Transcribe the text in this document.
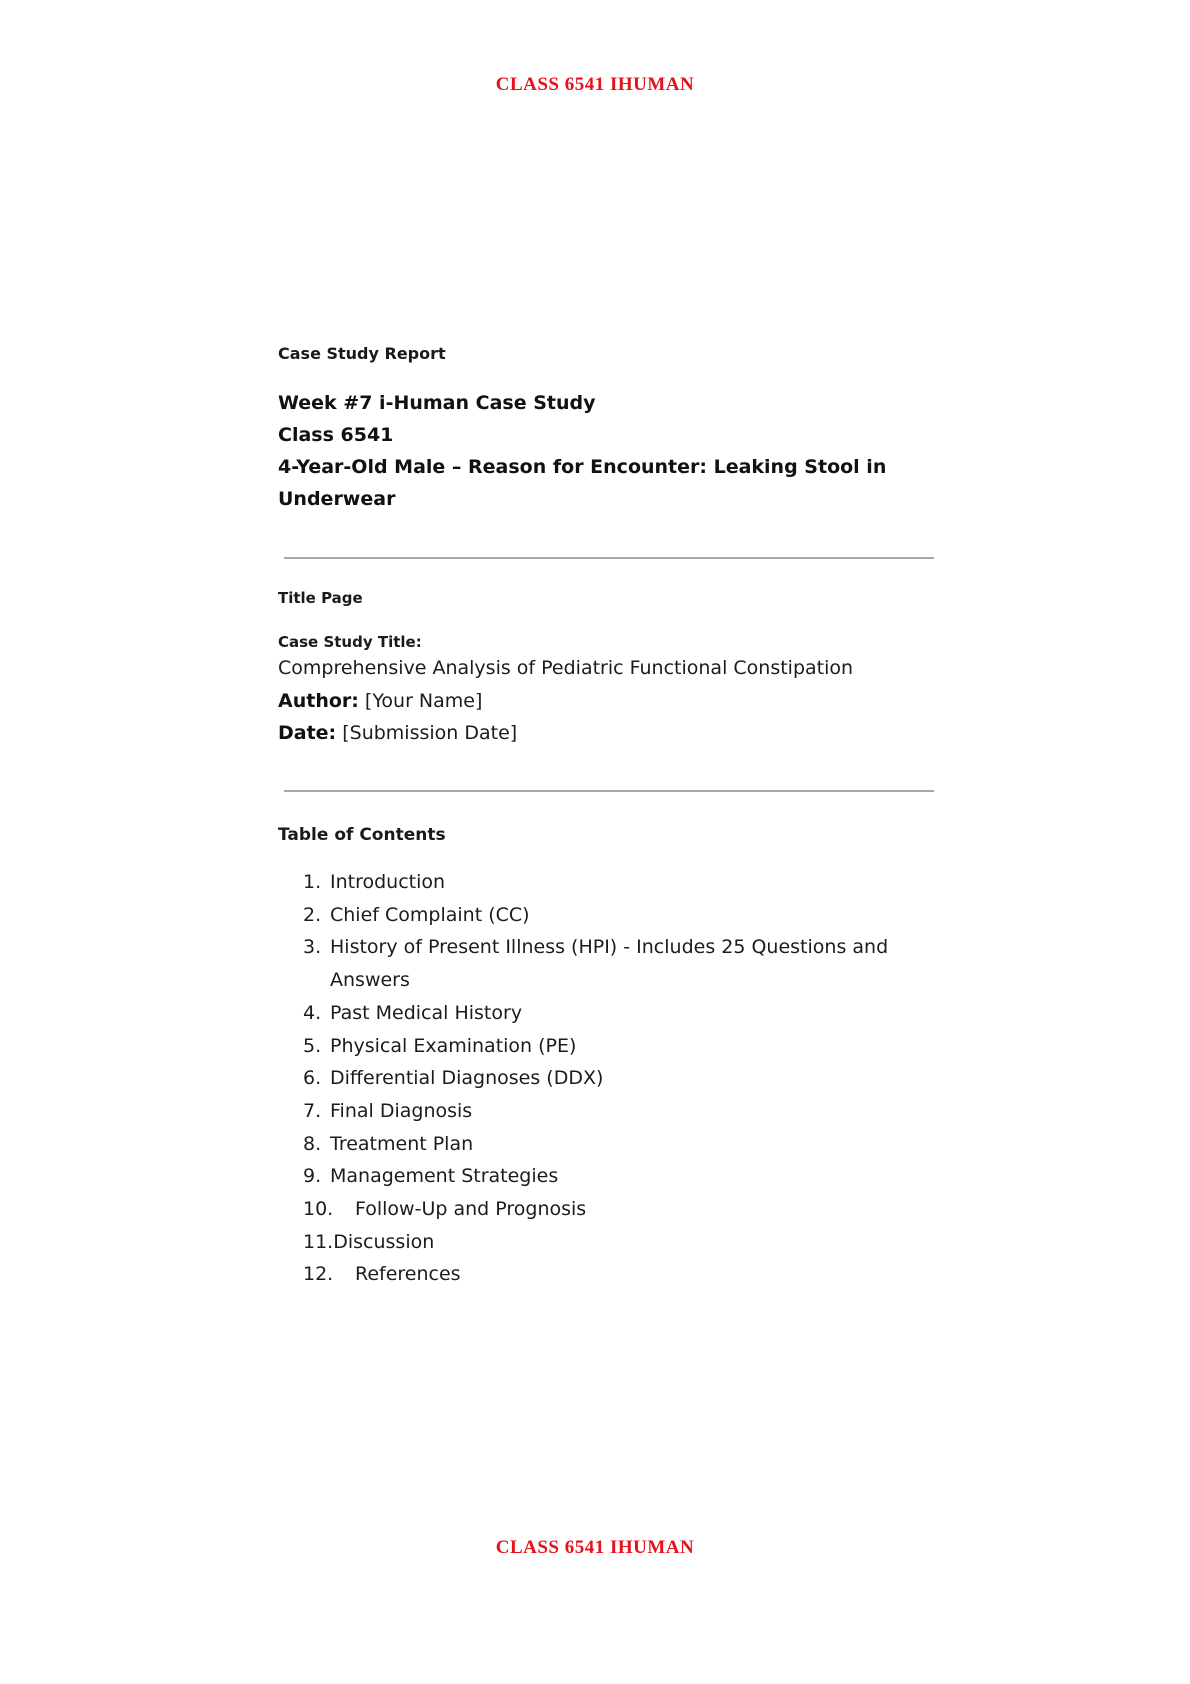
CLASS 6541 IHUMAN
Case Study Report
Week #7 i-Human Case Study
Class 6541
4-Year-Old Male – Reason for Encounter: Leaking Stool in Underwear
Title Page
Case Study Title:
Comprehensive Analysis of Pediatric Functional Constipation
Author: [Your Name]
Date: [Submission Date]
Table of Contents
1. Introduction
2. Chief Complaint (CC)
3. History of Present Illness (HPI) - Includes 25 Questions and Answers
4. Past Medical History
5. Physical Examination (PE)
6. Differential Diagnoses (DDX)
7. Final Diagnosis
8. Treatment Plan
9. Management Strategies
10.	Follow-Up and Prognosis
11. Discussion
12.	References
CLASS 6541 IHUMAN
